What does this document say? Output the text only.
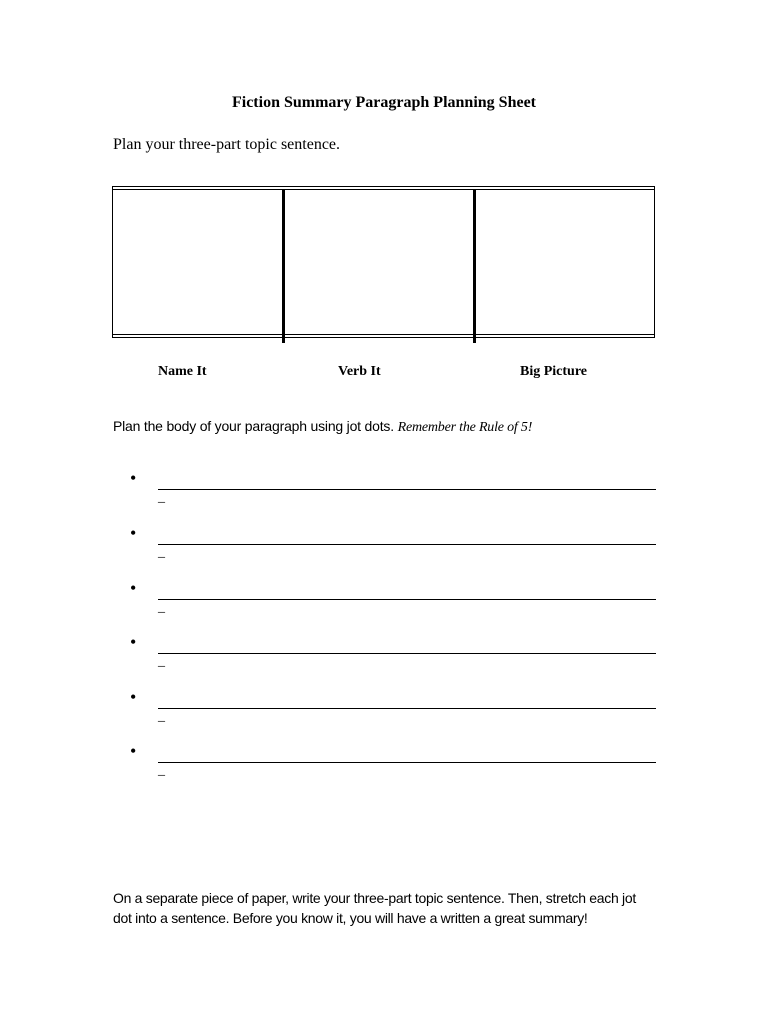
Fiction Summary Paragraph Planning Sheet
Plan your three-part topic sentence.
Name It	Verb It	Big Picture
Plan the body of your paragraph using jot dots. Remember the Rule of 5!
•
_
•
_
•
_
•
_
•
_
•
_
On a separate piece of paper, write your three-part topic sentence. Then, stretch each jot dot into a sentence. Before you know it, you will have a written a great summary!
